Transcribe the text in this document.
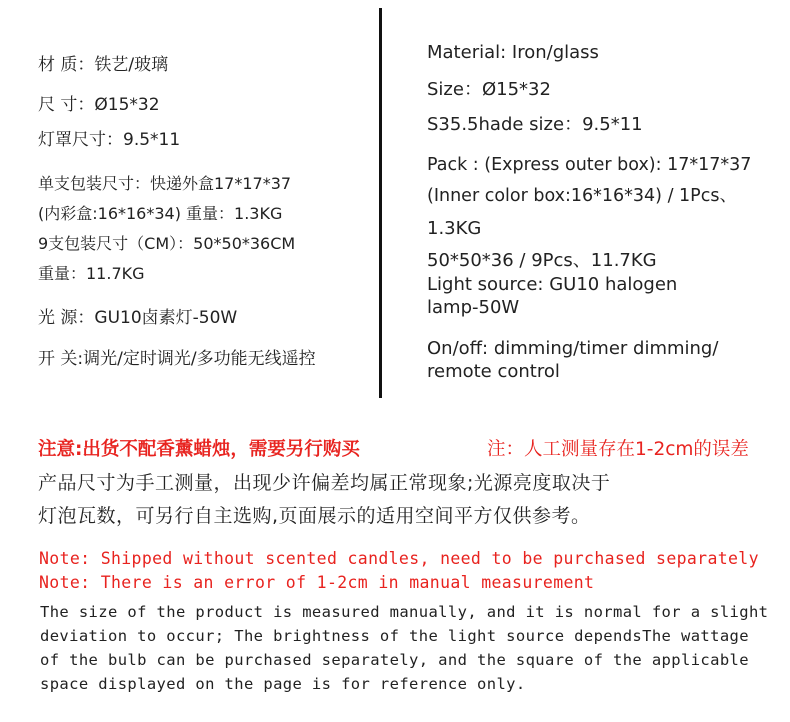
材 质：铁艺/玻璃
尺 寸：Ø15*32
灯罩尺寸：9.5*11
单支包装尺寸：快递外盒17*17*37
(内彩盒:16*16*34) 重量：1.3KG
9支包装尺寸（CM）：50*50*36CM
重量：11.7KG
光 源：GU10卤素灯-50W
开 关:调光/定时调光/多功能无线遥控
Material: Iron/glass
Size：Ø15*32
S35.5hade size：9.5*11
Pack : (Express outer box): 17*17*37
(Inner color box:16*16*34) / 1Pcs、
1.3KG
50*50*36 / 9Pcs、11.7KG
Light source: GU10 halogen
lamp-50W
On/off: dimming/timer dimming/
remote control
注意:出货不配香薰蜡烛，需要另行购买	注：人工测量存在1-2cm的误差
产品尺寸为手工测量，出现少许偏差均属正常现象;光源亮度取决于
灯泡瓦数，可另行自主选购,页面展示的适用空间平方仅供参考。
Note: Shipped without scented candles, need to be purchased separately
Note: There is an error of 1-2cm in manual measurement
The size of the product is measured manually, and it is normal for a slight
deviation to occur; The brightness of the light source dependsThe wattage
of the bulb can be purchased separately, and the square of the applicable
space displayed on the page is for reference only.
